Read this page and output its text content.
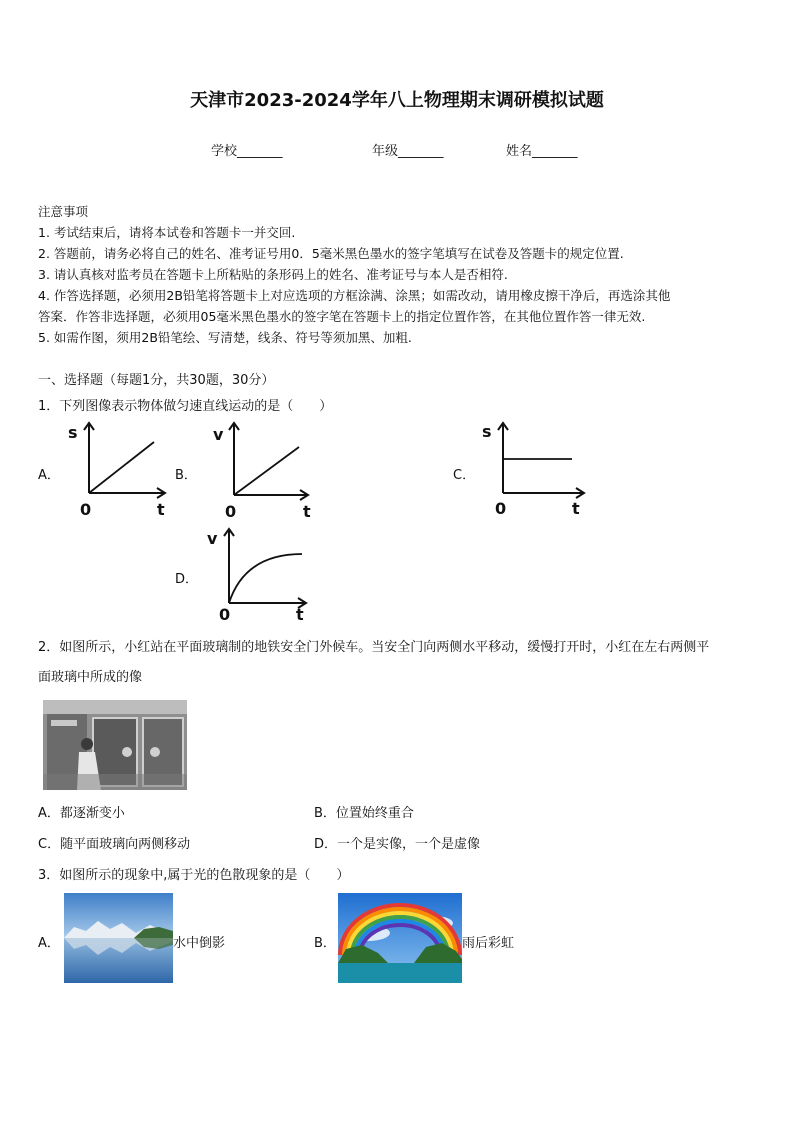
天津市2023-2024学年八上物理期末调研模拟试题
学校_______	年级_______	姓名_______
注意事项
1. 考试结束后，请将本试卷和答题卡一并交回.
2. 答题前，请务必将自己的姓名、准考证号用0．5毫米黑色墨水的签字笔填写在试卷及答题卡的规定位置.
3. 请认真核对监考员在答题卡上所粘贴的条形码上的姓名、准考证号与本人是否相符.
4. 作答选择题，必须用2B铅笔将答题卡上对应选项的方框涂满、涂黑；如需改动，请用橡皮擦干净后，再选涂其他
答案．作答非选择题，必须用05毫米黑色墨水的签字笔在答题卡上的指定位置作答，在其他位置作答一律无效.
5. 如需作图，须用2B铅笔绘、写清楚，线条、符号等须加黑、加粗.
一、选择题（每题1分，共30题，30分）
1．下列图像表示物体做匀速直线运动的是（　　）
A．
s
0	t
B．
v
0	t
C．
s
0	t
D．
v
0	t
2．如图所示，小红站在平面玻璃制的地铁安全门外候车。当安全门向两侧水平移动，缓慢打开时，小红在左右两侧平
面玻璃中所成的像
A．都逐渐变小	B．位置始终重合
C．随平面玻璃向两侧移动	D．一个是实像，一个是虚像
3．如图所示的现象中,属于光的色散现象的是（　　）
A．	水中倒影	B．	雨后彩虹
